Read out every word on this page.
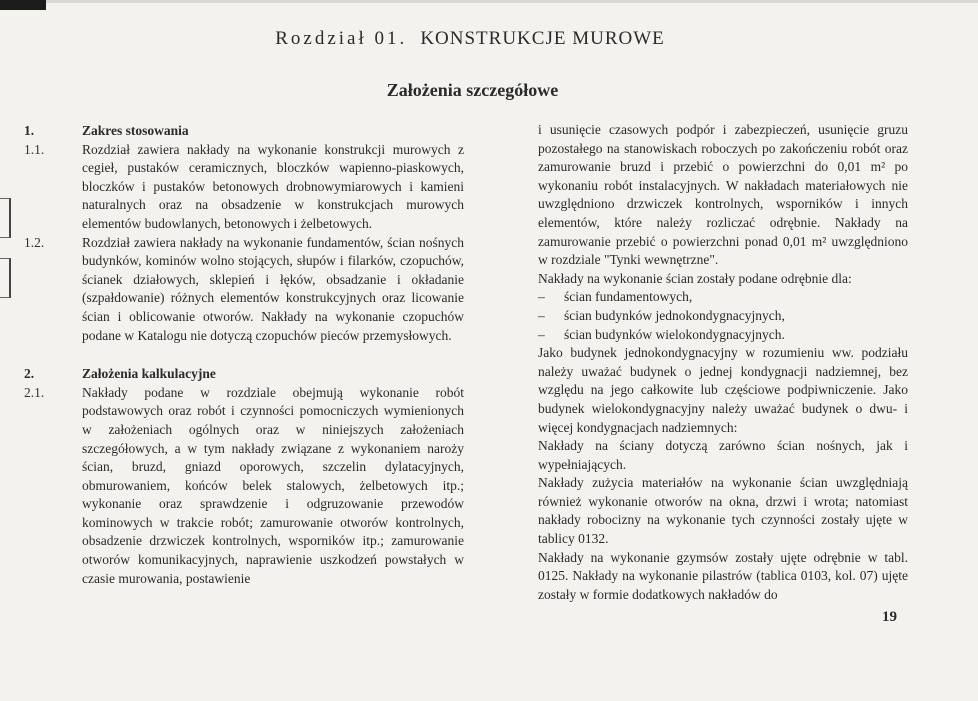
Rozdział 01. KONSTRUKCJE MUROWE
Założenia szczegółowe
1.	Zakres stosowania
1.1.	Rozdział zawiera nakłady na wykonanie konstrukcji murowych z cegieł, pustaków ceramicznych, bloczków wapienno-piaskowych, bloczków i pustaków betonowych drobnowymiarowych i kamieni naturalnych oraz na obsadzenie w konstrukcjach murowych elementów budowlanych, betonowych i żelbetowych.
1.2.	Rozdział zawiera nakłady na wykonanie fundamentów, ścian nośnych budynków, kominów wolno stojących, słupów i filarków, czopuchów, ścianek działowych, sklepień i łęków, obsadzanie i okładanie (szpałdowanie) różnych elementów konstrukcyjnych oraz licowanie ścian i oblicowanie otworów. Nakłady na wykonanie czopuchów podane w Katalogu nie dotyczą czopuchów pieców przemysłowych.
2.	Założenia kalkulacyjne
2.1.	Nakłady podane w rozdziale obejmują wykonanie robót podstawowych oraz robót i czynności pomocniczych wymienionych w założeniach ogólnych oraz w niniejszych założeniach szczegółowych, a w tym nakłady związane z wykonaniem naroży ścian, bruzd, gniazd oporowych, szczelin dylatacyjnych, obmurowaniem, końców belek stalowych, żelbetowych itp.; wykonanie oraz sprawdzenie i odgruzowanie przewodów kominowych w trakcie robót; zamurowanie otworów kontrolnych, obsadzenie drzwiczek kontrolnych, wsporników itp.; zamurowanie otworów komunikacyjnych, naprawienie uszkodzeń powstałych w czasie murowania, postawienie

i usunięcie czasowych podpór i zabezpieczeń, usunięcie gruzu pozostałego na stanowiskach roboczych po zakończeniu robót oraz zamurowanie bruzd i przebić o powierzchni do 0,01 m² po wykonaniu robót instalacyjnych. W nakładach materiałowych nie uwzględniono drzwiczek kontrolnych, wsporników i innych elementów, które należy rozliczać odrębnie. Nakłady na zamurowanie przebić o powierzchni ponad 0,01 m² uwzględniono w rozdziale "Tynki wewnętrzne".

Nakłady na wykonanie ścian zostały podane odrębnie dla:

–	ścian fundamentowych,
–	ścian budynków jednokondygnacyjnych,
–	ścian budynków wielokondygnacyjnych.

Jako budynek jednokondygnacyjny w rozumieniu ww. podziału należy uważać budynek o jednej kondygnacji nadziemnej, bez względu na jego całkowite lub częściowe podpiwniczenie. Jako budynek wielokondygnacyjny należy uważać budynek o dwu- i więcej kondygnacjach nadziemnych:

Nakłady na ściany dotyczą zarówno ścian nośnych, jak i wypełniających.

Nakłady zużycia materiałów na wykonanie ścian uwzględniają również wykonanie otworów na okna, drzwi i wrota; natomiast nakłady robocizny na wykonanie tych czynności zostały ujęte w tablicy 0132.

Nakłady na wykonanie gzymsów zostały ujęte odrębnie w tabl. 0125. Nakłady na wykonanie pilastrów (tablica 0103, kol. 07) ujęte zostały w formie dodatkowych nakładów do

19
